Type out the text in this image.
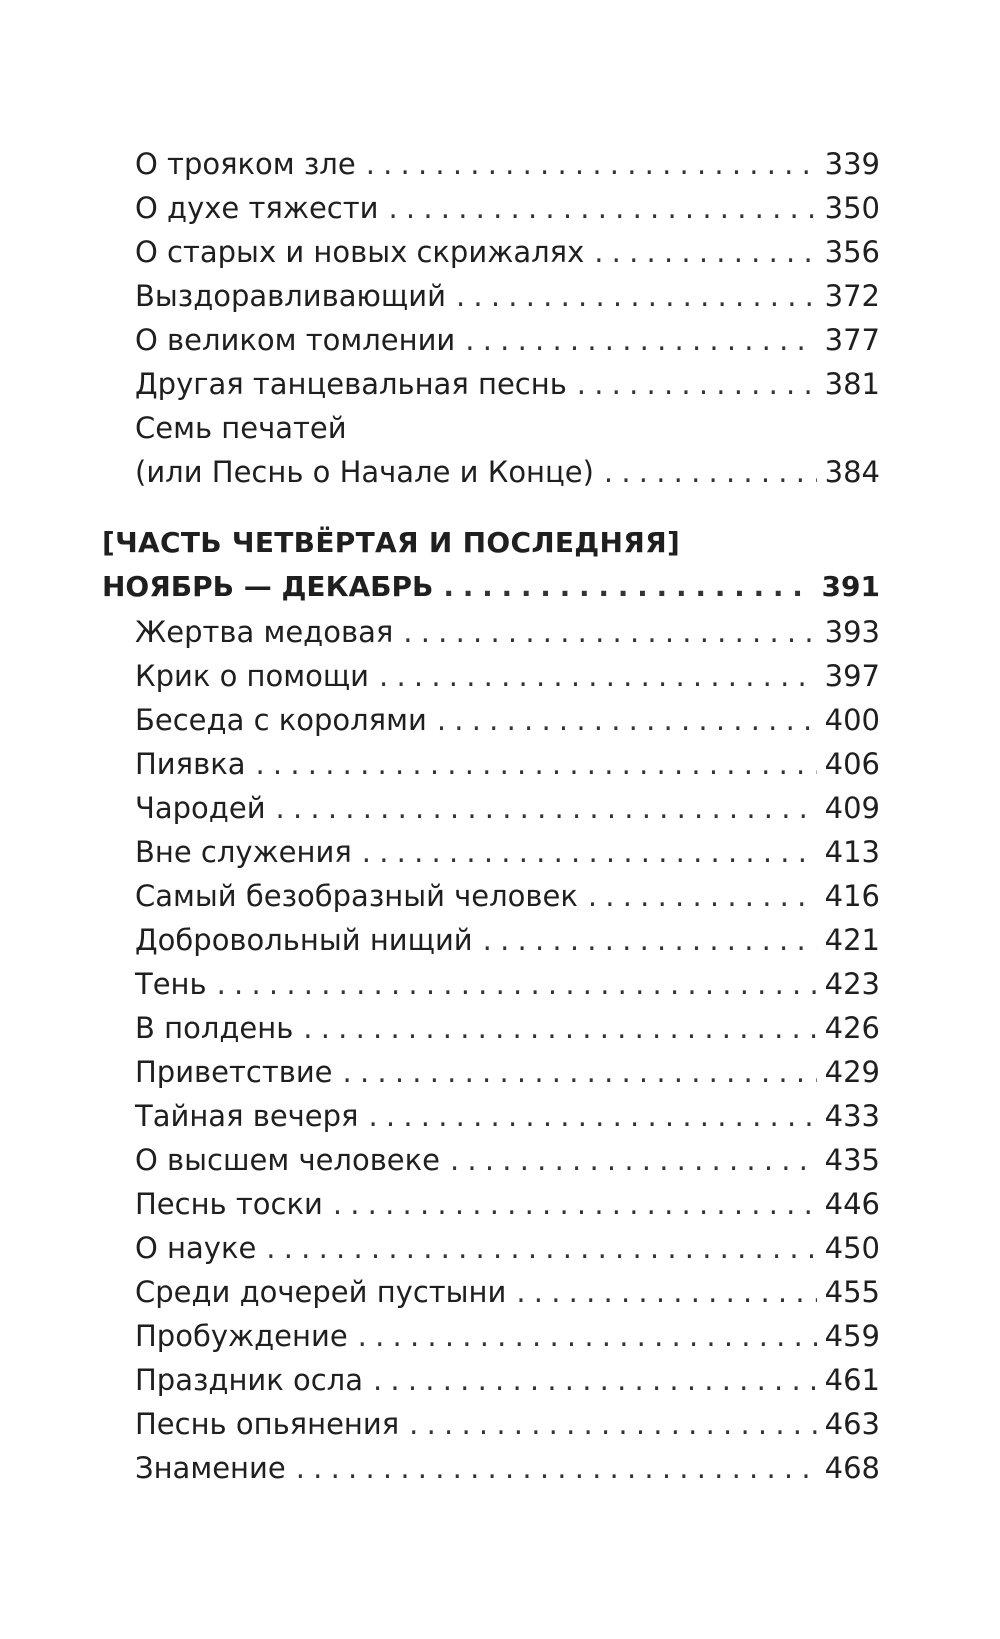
О трояком зле . . .	339
О духе тяжести . . .	350
О старых и новых скрижалях . . .	356
Выздоравливающий . . .	372
О великом томлении . . .	377
Другая танцевальная песнь . . .	381
Семь печатей
(или Песнь о Начале и Конце) . . .	384
[ЧАСТЬ ЧЕТВЁРТАЯ И ПОСЛЕДНЯЯ]
НОЯБРЬ — ДЕКАБРЬ . . .	391
Жертва медовая . . .	393
Крик о помощи . . .	397
Беседа с королями . . .	400
Пиявка . . .	406
Чародей . . .	409
Вне служения . . .	413
Самый безобразный человек . . .	416
Добровольный нищий . . .	421
Тень . . .	423
В полдень . . .	426
Приветствие . . .	429
Тайная вечеря . . .	433
О высшем человеке . . .	435
Песнь тоски . . .	446
О науке . . .	450
Среди дочерей пустыни . . .	455
Пробуждение . . .	459
Праздник осла . . .	461
Песнь опьянения . . .	463
Знамение . . .	468
